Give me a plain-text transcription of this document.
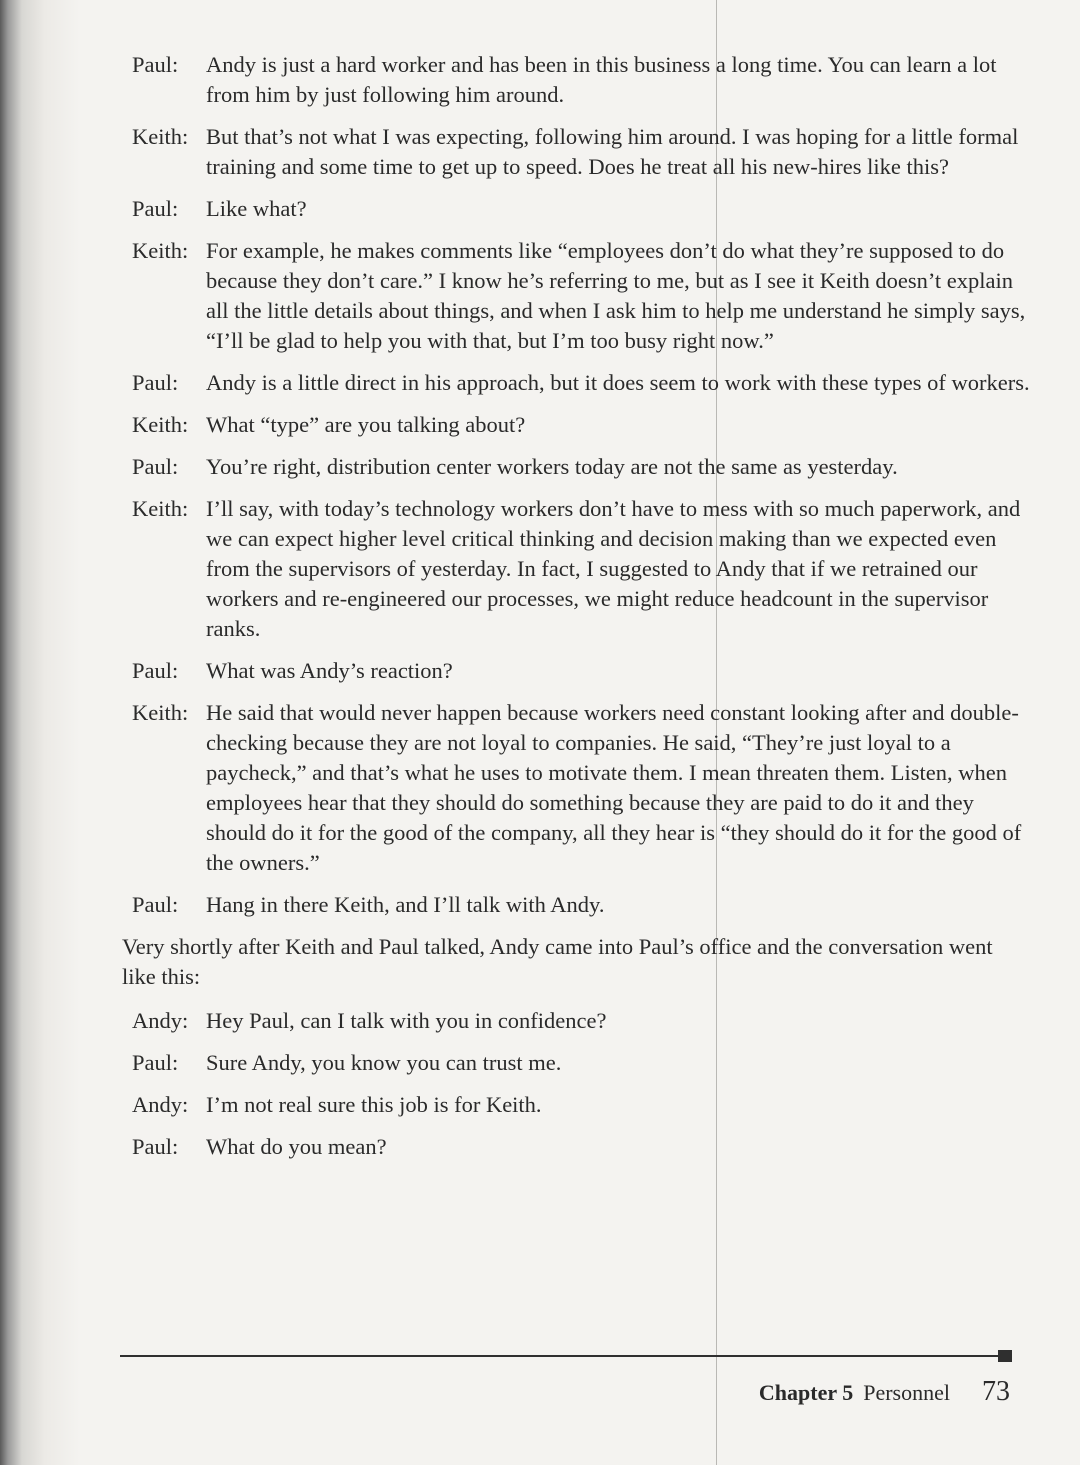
Paul:	Andy is just a hard worker and has been in this business a long time. You can learn a lot from him by just following him around.
Keith: But that’s not what I was expecting, following him around. I was hoping for a little formal training and some time to get up to speed. Does he treat all his new-hires like this?
Paul:	Like what?
Keith: For example, he makes comments like “employees don’t do what they’re supposed to do because they don’t care.” I know he’s referring to me, but as I see it Keith doesn’t explain all the little details about things, and when I ask him to help me understand he simply says, “I’ll be glad to help you with that, but I’m too busy right now.”
Paul:	Andy is a little direct in his approach, but it does seem to work with these types of workers.
Keith: What “type” are you talking about?
Paul:	You’re right, distribution center workers today are not the same as yesterday.
Keith: I’ll say, with today’s technology workers don’t have to mess with so much paperwork, and we can expect higher level critical thinking and decision making than we expected even from the supervisors of yesterday. In fact, I suggested to Andy that if we retrained our workers and re-engineered our processes, we might reduce headcount in the supervisor ranks.
Paul:	What was Andy’s reaction?
Keith: He said that would never happen because workers need constant looking after and double-checking because they are not loyal to companies. He said, “They’re just loyal to a paycheck,” and that’s what he uses to motivate them. I mean threaten them. Listen, when employees hear that they should do something because they are paid to do it and they should do it for the good of the company, all they hear is “they should do it for the good of the owners.”
Paul:	Hang in there Keith, and I’ll talk with Andy.
Very shortly after Keith and Paul talked, Andy came into Paul’s office and the conversation went like this:
Andy: Hey Paul, can I talk with you in confidence?
Paul:	Sure Andy, you know you can trust me.
Andy: I’m not real sure this job is for Keith.
Paul:	What do you mean?
Chapter 5 Personnel 73
